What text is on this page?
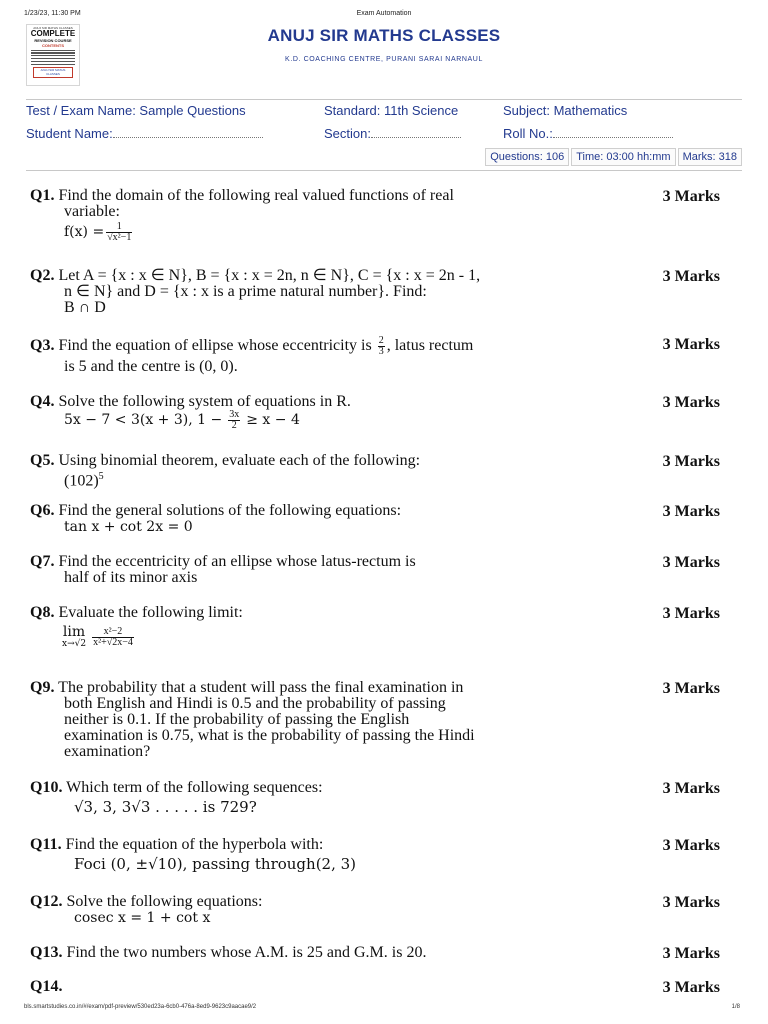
1/23/23, 11:30 PM	Exam Automation
bls.smartstudies.co.in/#/exam/pdf-preview/530ed23a-6cb0-476a-8ed9-9623c9aacae9/2	1/8
ANUJ SIR MATHS CLASSES
COMPLETE
REVISION COURSE
CONTENTS
ANUJ SIR MATHS CLASSES
ANUJ SIR MATHS CLASSES
K.D. COACHING CENTRE, PURANI SARAI NARNAUL
Test / Exam Name: Sample Questions	Standard: 11th Science	Subject: Mathematics
Student Name:	Section:	Roll No.:
Questions: 106	Time: 03:00 hh:mm	Marks: 318
Q1. Find the domain of the following real valued functions of real
variable:
$f(x) = \frac{1}{\text{√x²−1}}$
3 Marks
Q2. Let A = {x : x ∈ N}, B = {x : x = 2n, n ∈ N}, C = {x : x = 2n - 1,
n ∈ N} and D = {x : x is a prime natural number}. Find:
B ∩ D
3 Marks
Q3. Find the equation of ellipse whose eccentricity is $\frac{2}{3}$ , latus rectum
is 5 and the centre is (0, 0).
3 Marks
Q4. Solve the following system of equations in R.
5x − 7 < 3(x + 3), $1 - \frac{3x}{2} \ge x - 4$
3 Marks
Q5. Using binomial theorem, evaluate each of the following:
$(102)^5$
3 Marks
Q6. Find the general solutions of the following equations:
tan x + cot 2x = 0
3 Marks
Q7. Find the eccentricity of an ellipse whose latus-rectum is
half of its minor axis
3 Marks
Q8. Evaluate the following limit:
lim
x→√2
$\frac{\text{x²−2}}{\text{x²+√2x−4}}$
3 Marks
Q9. The probability that a student will pass the final examination in
both English and Hindi is 0.5 and the probability of passing
neither is 0.1. If the probability of passing the English
examination is 0.75, what is the probability of passing the Hindi
examination?
3 Marks
Q10. Which term of the following sequences:
√3, 3, 3√3 . . . . . is 729?
3 Marks
Q11. Find the equation of the hyperbola with:
Foci (0, ±√10), passing through(2, 3)
3 Marks
Q12. Solve the following equations:
cosec x = 1 + cot x
3 Marks
Q13. Find the two numbers whose A.M. is 25 and G.M. is 20.	3 Marks
Q14.	3 Marks
